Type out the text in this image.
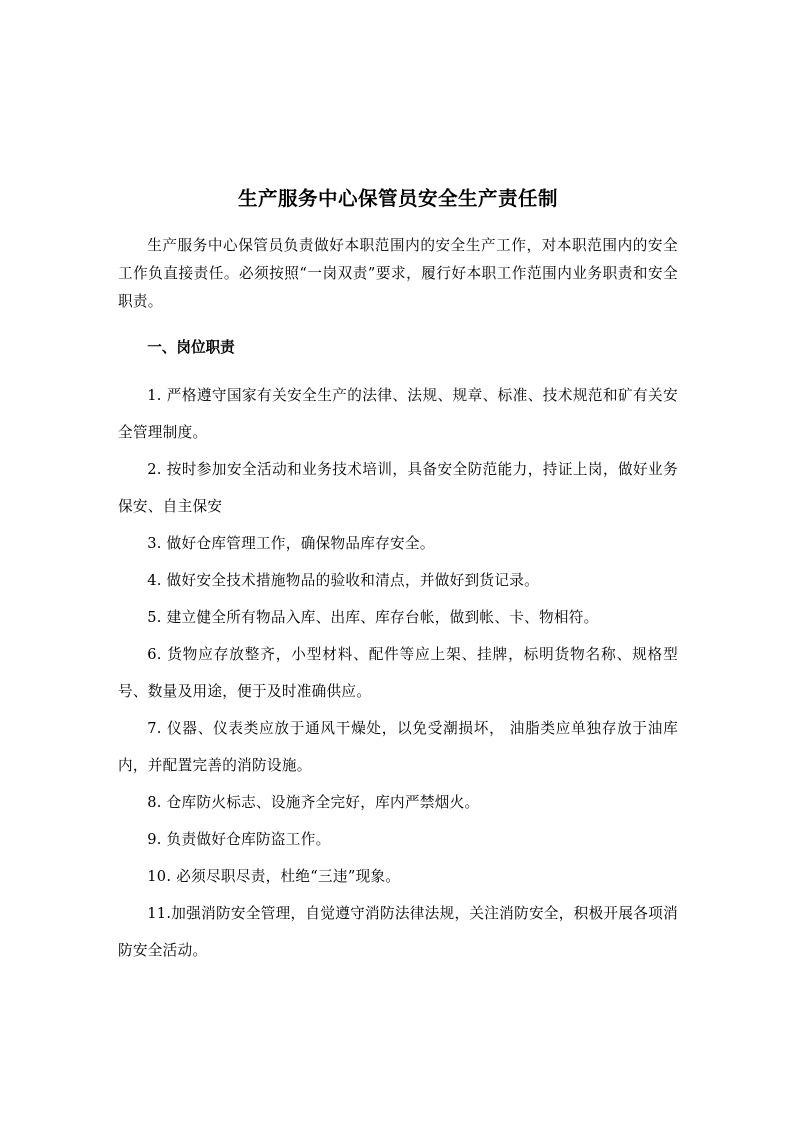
生产服务中心保管员安全生产责任制

生产服务中心保管员负责做好本职范围内的安全生产工作，对本职范围内的安全工作负直接责任。必须按照“一岗双责”要求，履行好本职工作范围内业务职责和安全职责。

一、岗位职责

1. 严格遵守国家有关安全生产的法律、法规、规章、标准、技术规范和矿有关安全管理制度。

2. 按时参加安全活动和业务技术培训，具备安全防范能力，持证上岗，做好业务保安、自主保安

3. 做好仓库管理工作，确保物品库存安全。

4. 做好安全技术措施物品的验收和清点，并做好到货记录。

5. 建立健全所有物品入库、出库、库存台帐，做到帐、卡、物相符。

6. 货物应存放整齐，小型材料、配件等应上架、挂牌，标明货物名称、规格型号、数量及用途，便于及时准确供应。

7. 仪器、仪表类应放于通风干燥处，以免受潮损坏， 油脂类应单独存放于油库内，并配置完善的消防设施。

8. 仓库防火标志、设施齐全完好，库内严禁烟火。

9. 负责做好仓库防盗工作。

10. 必须尽职尽责，杜绝“三违”现象。

11.加强消防安全管理，自觉遵守消防法律法规，关注消防安全，积极开展各项消防安全活动。
